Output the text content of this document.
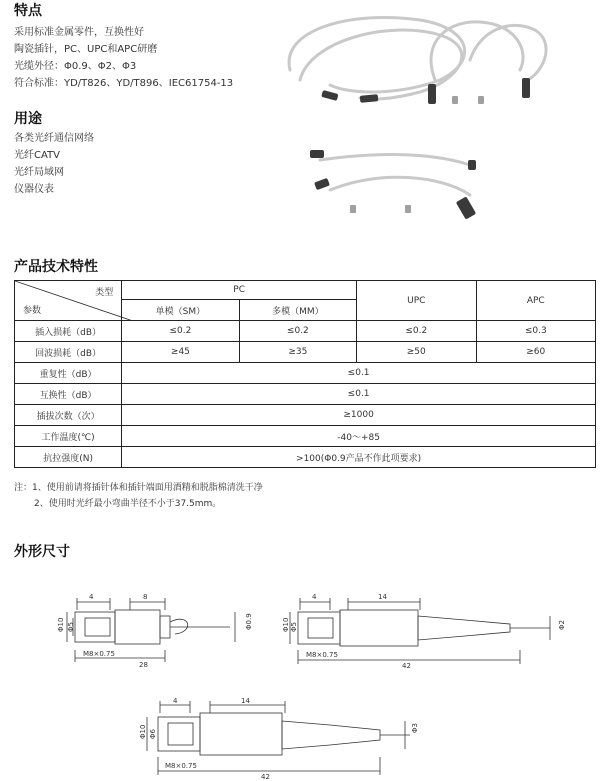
特点
采用标准金属零件，互换性好
陶瓷插针，PC、UPC和APC研磨
光缆外径：Φ0.9、Φ2、Φ3
符合标准：YD/T826、YD/T896、IEC61754-13
用途
各类光纤通信网络
光纤CATV
光纤局域网
仪器仪表
产品技术特性
类型
参数	PC		UPC	APC
	单模（SM）	多模（MM）		
插入损耗（dB）	≤0.2	≤0.2	≤0.2	≤0.3
回波损耗（dB）	≥45	≥35	≥50	≥60
重复性（dB）	≤0.1			
互换性（dB）	≤0.1			
插拔次数（次）	≥1000			
工作温度(℃)	-40～+85			
抗拉强度(N)	>100(Φ0.9产品不作此项要求)			
注：1、使用前请将插针体和插针端面用酒精和脱脂棉清洗干净
2、使用时光纤最小弯曲半径不小于37.5mm。
外形尺寸
4	8
Φ10 Φ5	Φ0.9
M8×0.75
28
4	14
Φ10 Φ5	Φ2
M8×0.75
42
4	14
Φ10 Φ6
Φ3
M8×0.75
42
